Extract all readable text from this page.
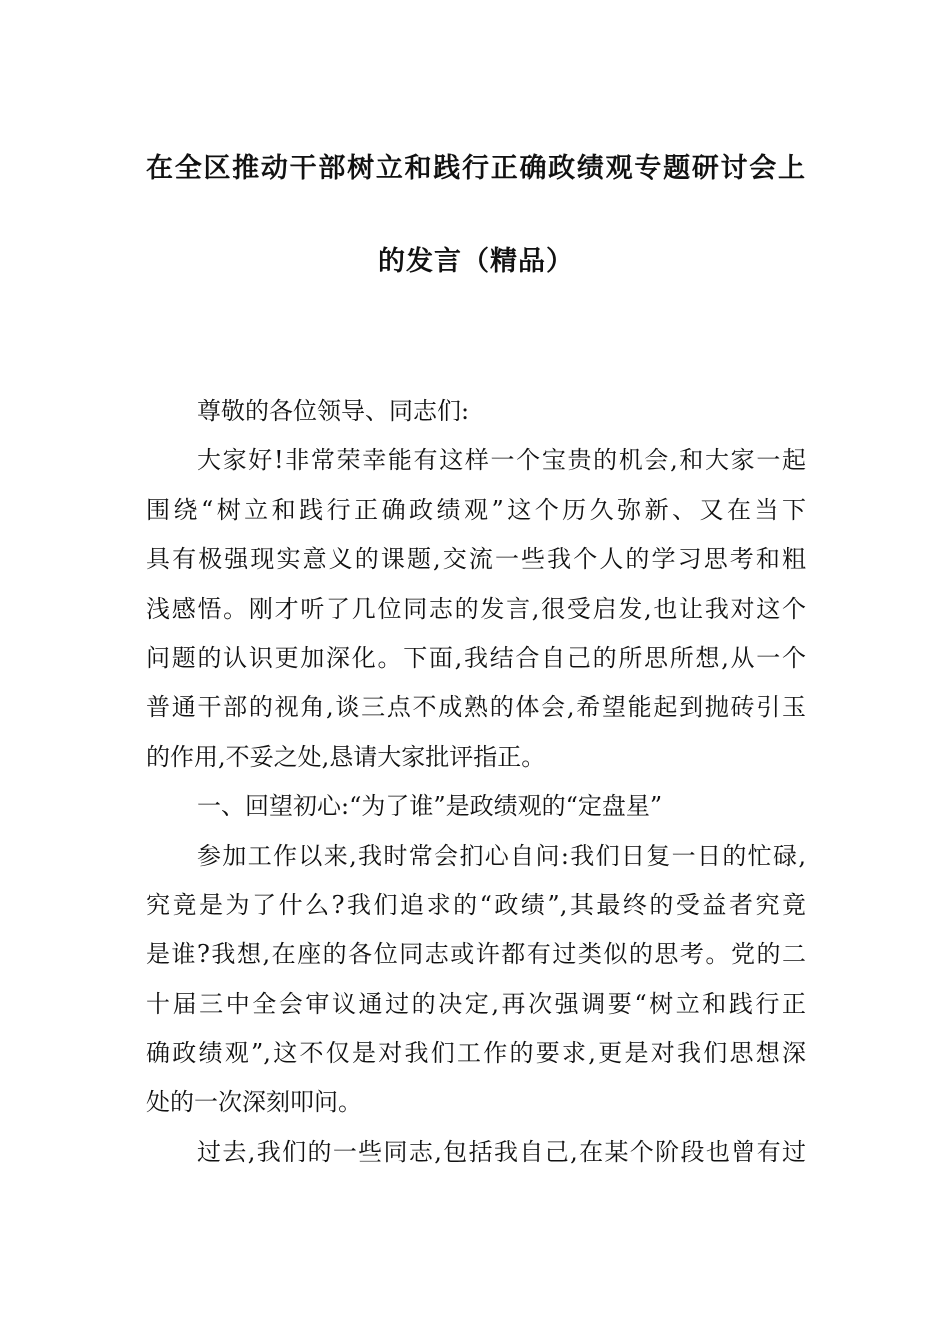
在全区推动干部树立和践行正确政绩观专题研讨会上
的发言（精品）
尊敬的各位领导、同志们:
大家好!非常荣幸能有这样一个宝贵的机会,和大家一起
围绕“树立和践行正确政绩观”这个历久弥新、又在当下
具有极强现实意义的课题,交流一些我个人的学习思考和粗
浅感悟。刚才听了几位同志的发言,很受启发,也让我对这个
问题的认识更加深化。下面,我结合自己的所思所想,从一个
普通干部的视角,谈三点不成熟的体会,希望能起到抛砖引玉
的作用,不妥之处,恳请大家批评指正。
一、回望初心:“为了谁”是政绩观的“定盘星”
参加工作以来,我时常会扪心自问:我们日复一日的忙碌,
究竟是为了什么?我们追求的“政绩”,其最终的受益者究竟
是谁?我想,在座的各位同志或许都有过类似的思考。党的二
十届三中全会审议通过的决定,再次强调要“树立和践行正
确政绩观”,这不仅是对我们工作的要求,更是对我们思想深
处的一次深刻叩问。
过去,我们的一些同志,包括我自己,在某个阶段也曾有过
